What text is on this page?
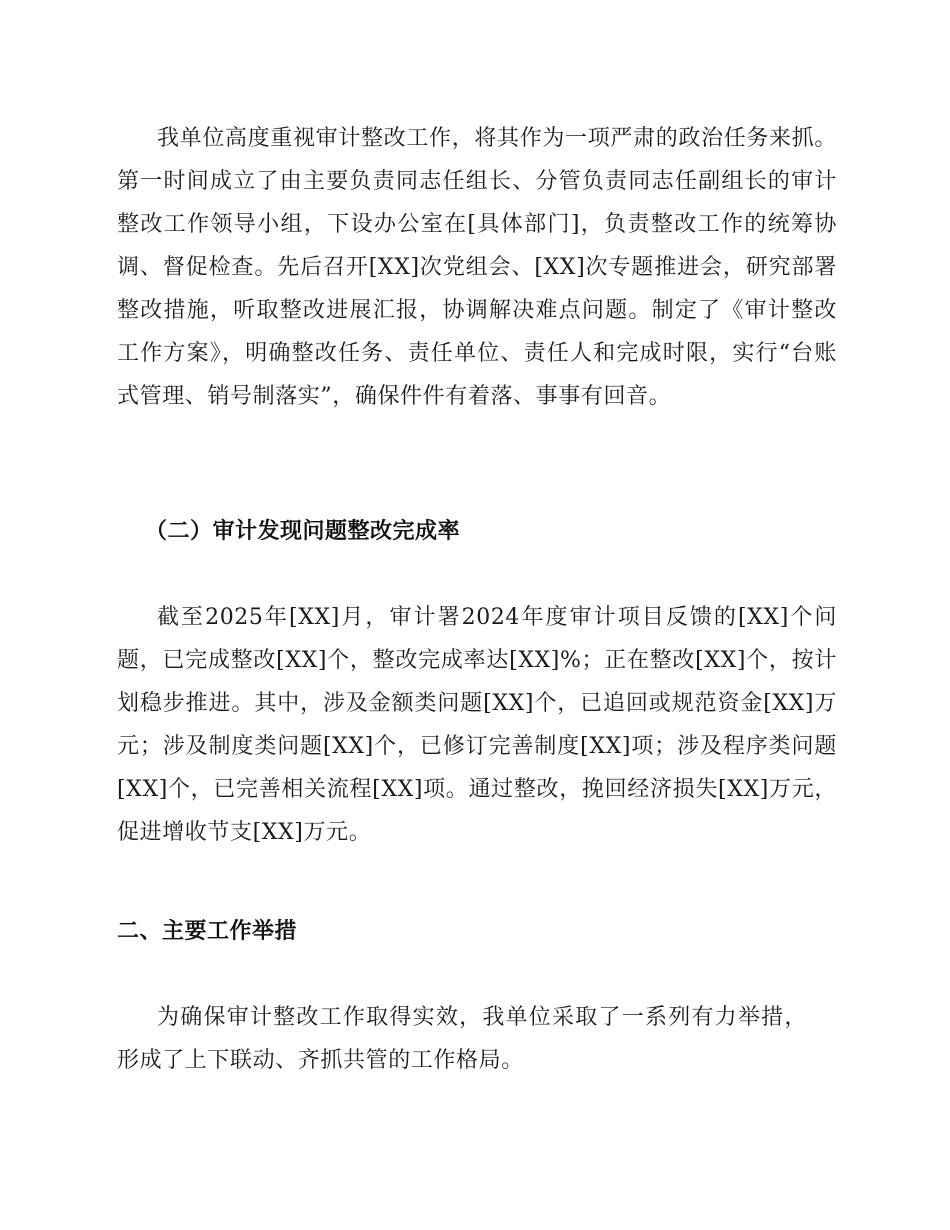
我单位高度重视审计整改工作，将其作为一项严肃的政治任务来抓。第一时间成立了由主要负责同志任组长、分管负责同志任副组长的审计整改工作领导小组，下设办公室在[具体部门]，负责整改工作的统筹协调、督促检查。先后召开[XX]次党组会、[XX]次专题推进会，研究部署整改措施，听取整改进展汇报，协调解决难点问题。制定了《审计整改工作方案》，明确整改任务、责任单位、责任人和完成时限，实行“台账式管理、销号制落实”，确保件件有着落、事事有回音。

（二）审计发现问题整改完成率

截至2025年[XX]月，审计署2024年度审计项目反馈的[XX]个问题，已完成整改[XX]个，整改完成率达[XX]%；正在整改[XX]个，按计划稳步推进。其中，涉及金额类问题[XX]个，已追回或规范资金[XX]万元；涉及制度类问题[XX]个，已修订完善制度[XX]项；涉及程序类问题[XX]个，已完善相关流程[XX]项。通过整改，挽回经济损失[XX]万元，促进增收节支[XX]万元。

二、主要工作举措

为确保审计整改工作取得实效，我单位采取了一系列有力举措，形成了上下联动、齐抓共管的工作格局。
